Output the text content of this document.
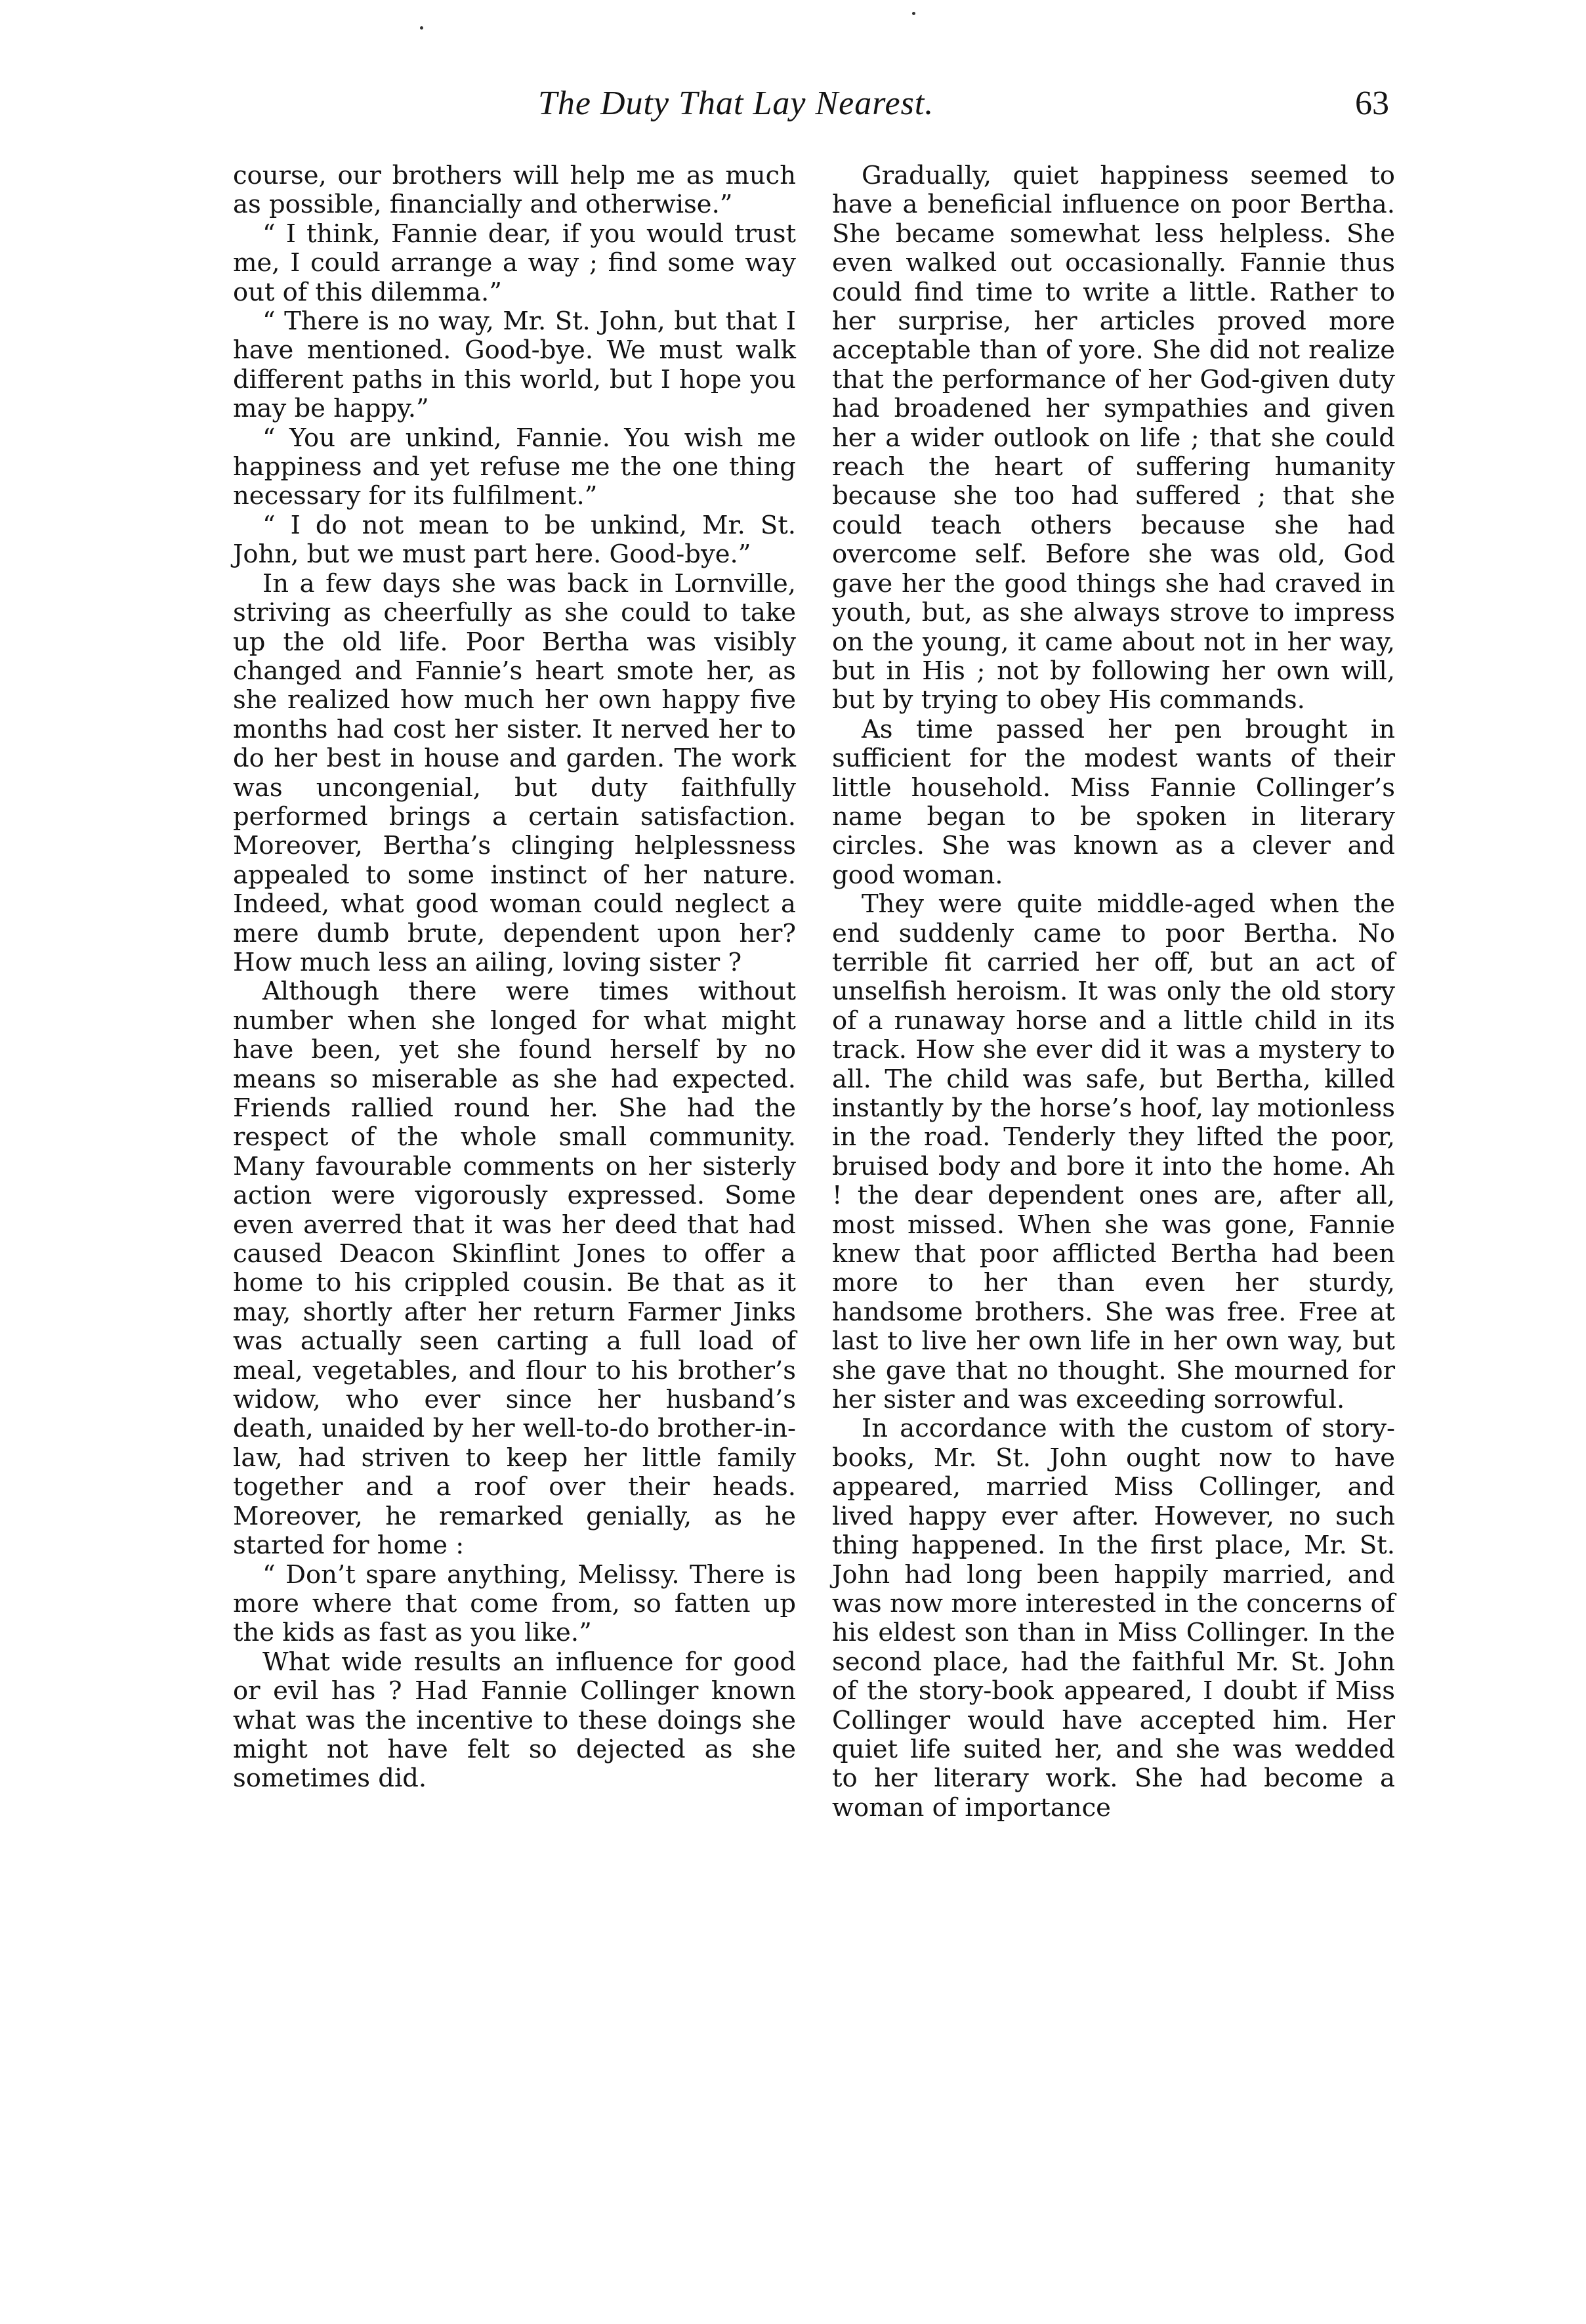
The Duty That Lay Nearest.	63

course, our brothers will help me as much as possible, financially and otherwise.”

“ I think, Fannie dear, if you would trust me, I could arrange a way ; find some way out of this dilemma.”

“ There is no way, Mr. St. John, but that I have mentioned. Good-bye. We must walk different paths in this world, but I hope you may be happy.”

“ You are unkind, Fannie. You wish me happiness and yet refuse me the one thing necessary for its fulfilment.”

“ I do not mean to be unkind, Mr. St. John, but we must part here. Good-bye.”

In a few days she was back in Lornville, striving as cheerfully as she could to take up the old life. Poor Bertha was visibly changed and Fannie’s heart smote her, as she realized how much her own happy five months had cost her sister. It nerved her to do her best in house and garden. The work was uncongenial, but duty faithfully performed brings a certain satisfaction. Moreover, Bertha’s clinging helplessness appealed to some instinct of her nature. Indeed, what good woman could neglect a mere dumb brute, dependent upon her? How much less an ailing, loving sister ?

Although there were times without number when she longed for what might have been, yet she found herself by no means so miserable as she had expected. Friends rallied round her. She had the respect of the whole small community. Many favourable comments on her sisterly action were vigorously expressed. Some even averred that it was her deed that had caused Deacon Skinflint Jones to offer a home to his crippled cousin. Be that as it may, shortly after her return Farmer Jinks was actually seen carting a full load of meal, vegetables, and flour to his brother’s widow, who ever since her husband’s death, unaided by her well-to-do brother-in-law, had striven to keep her little family together and a roof over their heads. Moreover, he remarked genially, as he started for home :

“ Don’t spare anything, Melissy. There is more where that come from, so fatten up the kids as fast as you like.”

What wide results an influence for good or evil has ? Had Fannie Collinger known what was the incentive to these doings she might not have felt so dejected as she sometimes did.

Gradually, quiet happiness seemed to have a beneficial influence on poor Bertha. She became somewhat less helpless. She even walked out occasionally. Fannie thus could find time to write a little. Rather to her surprise, her articles proved more acceptable than of yore. She did not realize that the performance of her God-given duty had broadened her sympathies and given her a wider outlook on life ; that she could reach the heart of suffering humanity because she too had suffered ; that she could teach others because she had overcome self. Before she was old, God gave her the good things she had craved in youth, but, as she always strove to impress on the young, it came about not in her way, but in His ; not by following her own will, but by trying to obey His commands.

As time passed her pen brought in sufficient for the modest wants of their little household. Miss Fannie Collinger’s name began to be spoken in literary circles. She was known as a clever and good woman.

They were quite middle-aged when the end suddenly came to poor Bertha. No terrible fit carried her off, but an act of unselfish heroism. It was only the old story of a runaway horse and a little child in its track. How she ever did it was a mystery to all. The child was safe, but Bertha, killed instantly by the horse’s hoof, lay motionless in the road. Tenderly they lifted the poor, bruised body and bore it into the home. Ah ! the dear dependent ones are, after all, most missed. When she was gone, Fannie knew that poor afflicted Bertha had been more to her than even her sturdy, handsome brothers. She was free. Free at last to live her own life in her own way, but she gave that no thought. She mourned for her sister and was exceeding sorrowful.

In accordance with the custom of story-books, Mr. St. John ought now to have appeared, married Miss Collinger, and lived happy ever after. However, no such thing happened. In the first place, Mr. St. John had long been happily married, and was now more interested in the concerns of his eldest son than in Miss Collinger. In the second place, had the faithful Mr. St. John of the story-book appeared, I doubt if Miss Collinger would have accepted him. Her quiet life suited her, and she was wedded to her literary work. She had become a woman of importance
